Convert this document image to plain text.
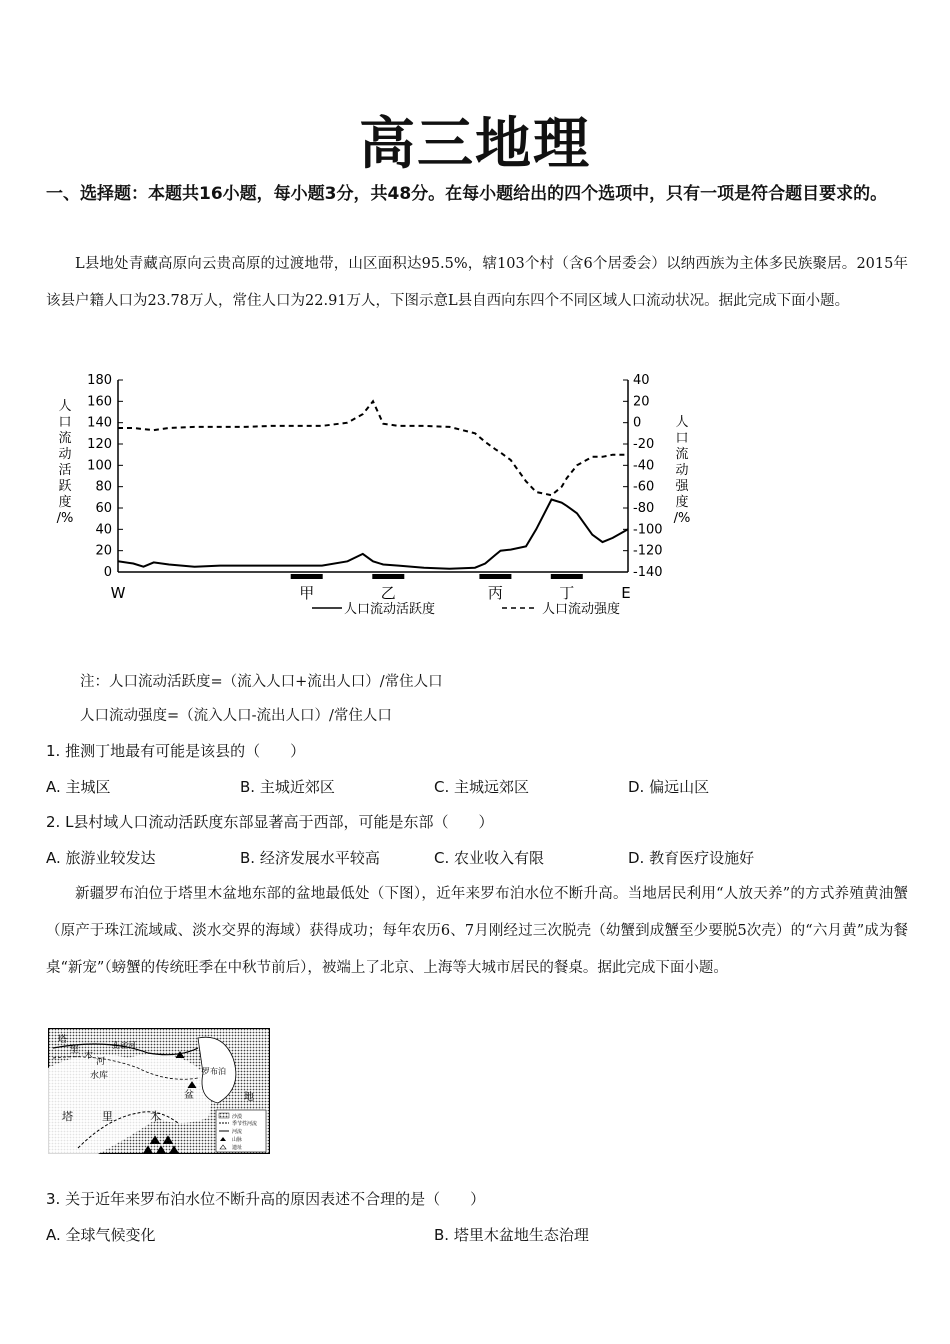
高三地理
一、选择题：本题共16小题，每小题3分，共48分。在每小题给出的四个选项中，只有一项是符合题目要求的。
L县地处青藏高原向云贵高原的过渡地带，山区面积达95.5%，辖103个村（含6个居委会）以纳西族为主体多民族聚居。2015年该县户籍人口为23.78万人，常住人口为22.91万人，下图示意L县自西向东四个不同区域人口流动状况。据此完成下面小题。
0
20
40
60
80
100
120
140
160
180	40
20
0
-20
-40
-60
-80
-100
-120
-140
人
口
流
动
活
跃
度
/%
人
口
流
动
强
度
/%
W	甲	乙	丙	丁	E
人口流动活跃度	人口流动强度
注：人口流动活跃度=（流入人口+流出人口）/常住人口
人口流动强度=（流入人口-流出人口）/常住人口
1. 推测丁地最有可能是该县的（　　）
A. 主城区	B. 主城近郊区	C. 主城远郊区	D. 偏远山区
2. L县村域人口流动活跃度东部显著高于西部，可能是东部（　　）
A. 旅游业较发达	B. 经济发展水平较高	C. 农业收入有限	D. 教育医疗设施好
新疆罗布泊位于塔里木盆地东部的盆地最低处（下图），近年来罗布泊水位不断升高。当地居民利用“人放天养”的方式养殖黄油蟹（原产于珠江流域咸、淡水交界的海域）获得成功；每年农历6、7月刚经过三次脱壳（幼蟹到成蟹至少要脱5次壳）的“六月黄”成为餐桌“新宠”（螃蟹的传统旺季在中秋节前后），被端上了北京、上海等大城市居民的餐桌。据此完成下面小题。
塔
里
木
河
孔雀河
水库
塔	里	木
盆
罗布泊
地
沙漠
季节性河流
河流
山脉
遗址
3. 关于近年来罗布泊水位不断升高的原因表述不合理的是（　　）
A. 全球气候变化	B. 塔里木盆地生态治理
